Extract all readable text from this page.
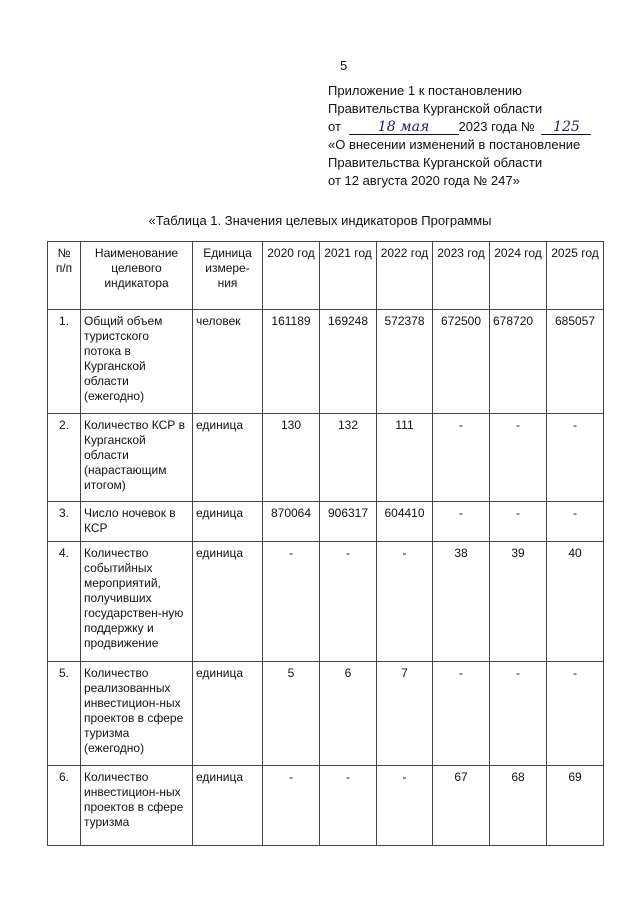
5
Приложение 1 к постановлению
Правительства Курганской области
от	18 мая 2023 года № 125
«О внесении изменений в постановление
Правительства Курганской области
от 12 августа 2020 года № 247»
«Таблица 1. Значения целевых индикаторов Программы
№ п/п	Наименование целевого индикатора	Единица измере-ния	2020 год	2021 год	2022 год	2023 год	2024 год	2025 год
1.	Общий объем туристского потока в Курганской области (ежегодно)	человек	161189	169248	572378	672500	678720	685057
2.	Количество КСР в Курганской области (нарастающим итогом)	единица	130	132	111	-	-	-
3.	Число ночевок в КСР	единица	870064	906317	604410	-	-	-
4.	Количество событийных мероприятий, получивших государствен-ную поддержку и продвижение	единица	-	-	-	38	39	40
5.	Количество реализованных инвестицион-ных проектов в сфере туризма (ежегодно)	единица	5	6	7	-	-	-
6.	Количество инвестицион-ных проектов в сфере туризма	единица	-	-	-	67	68	69
